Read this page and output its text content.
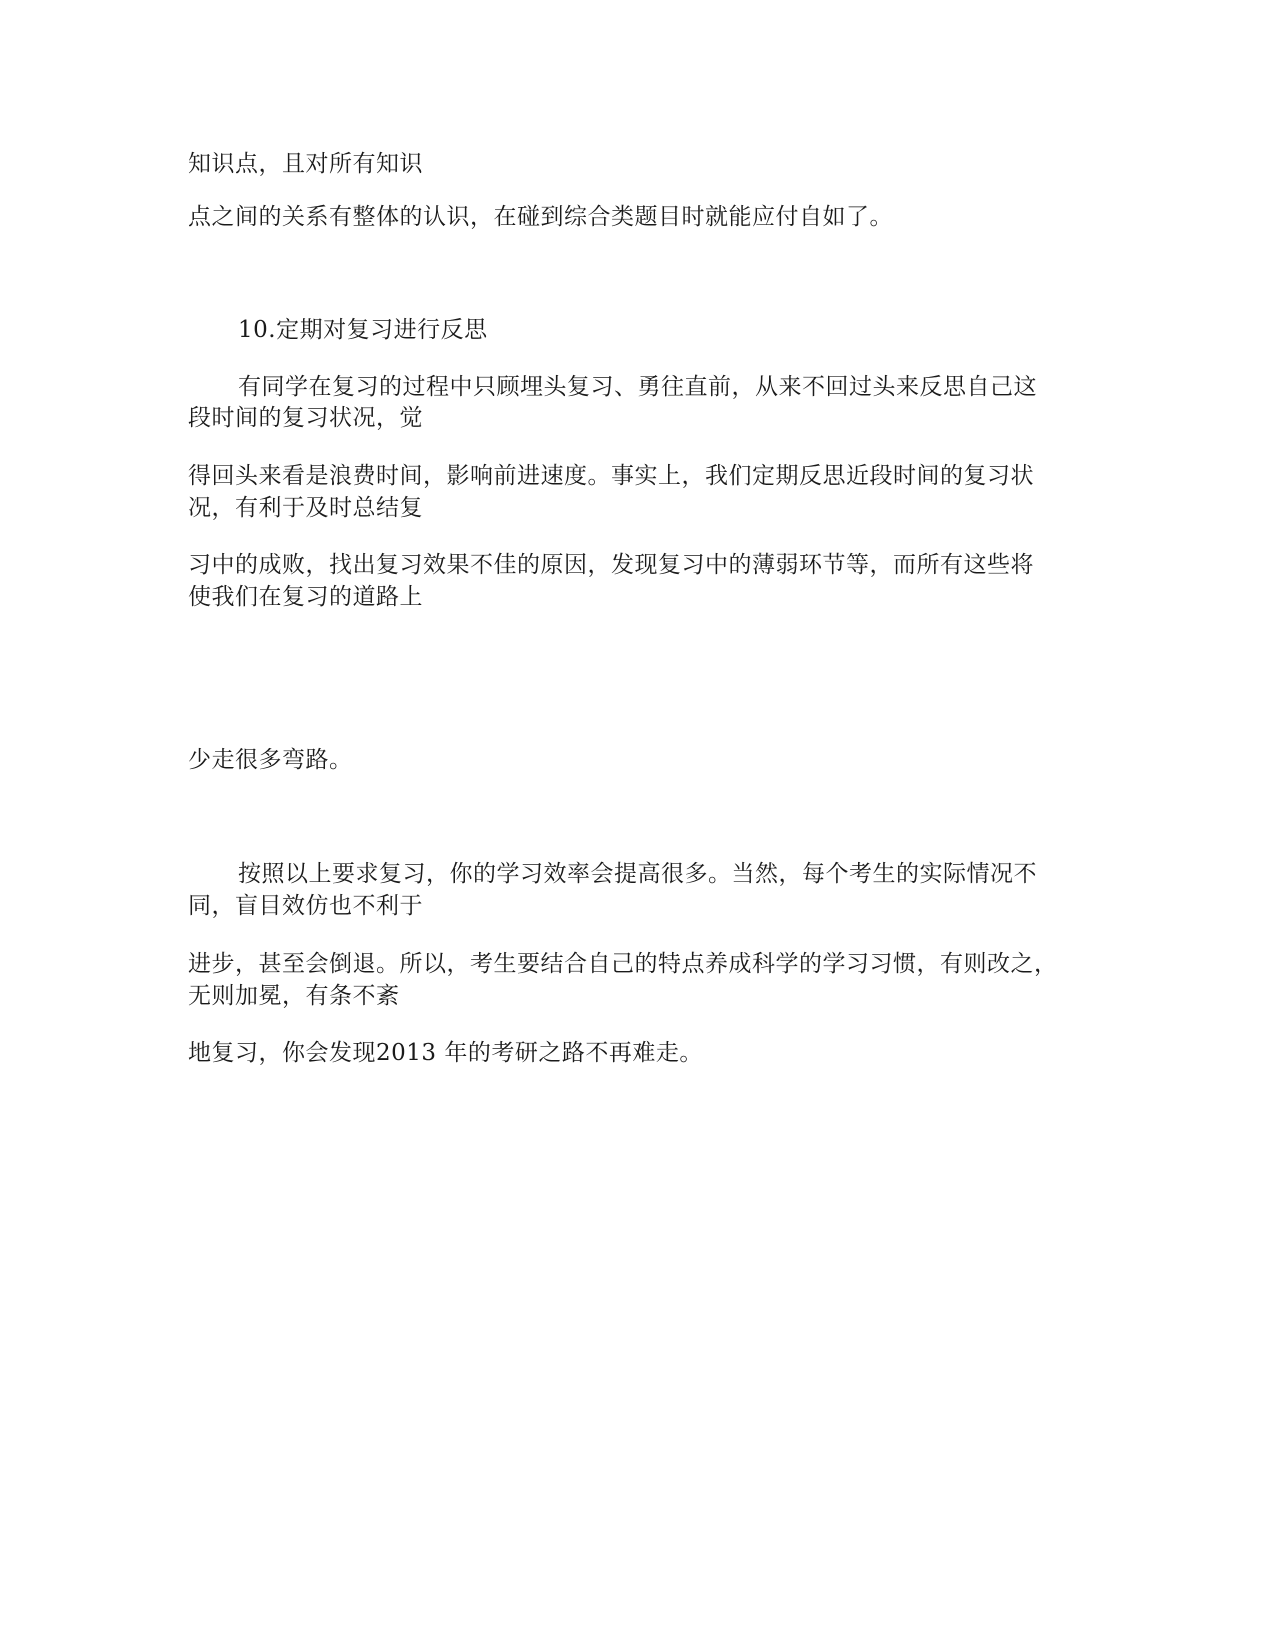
知识点，且对所有知识
点之间的关系有整体的认识，在碰到综合类题目时就能应付自如了。
10.定期对复习进行反思
有同学在复习的过程中只顾埋头复习、勇往直前，从来不回过头来反思自己这
段时间的复习状况，觉
得回头来看是浪费时间，影响前进速度。事实上，我们定期反思近段时间的复习状
况，有利于及时总结复
习中的成败，找出复习效果不佳的原因，发现复习中的薄弱环节等，而所有这些将
使我们在复习的道路上
少走很多弯路。
按照以上要求复习，你的学习效率会提高很多。当然，每个考生的实际情况不
同，盲目效仿也不利于
进步，甚至会倒退。所以，考生要结合自己的特点养成科学的学习习惯，有则改之，
无则加冕，有条不紊
地复习，你会发现2013 年的考研之路不再难走。
